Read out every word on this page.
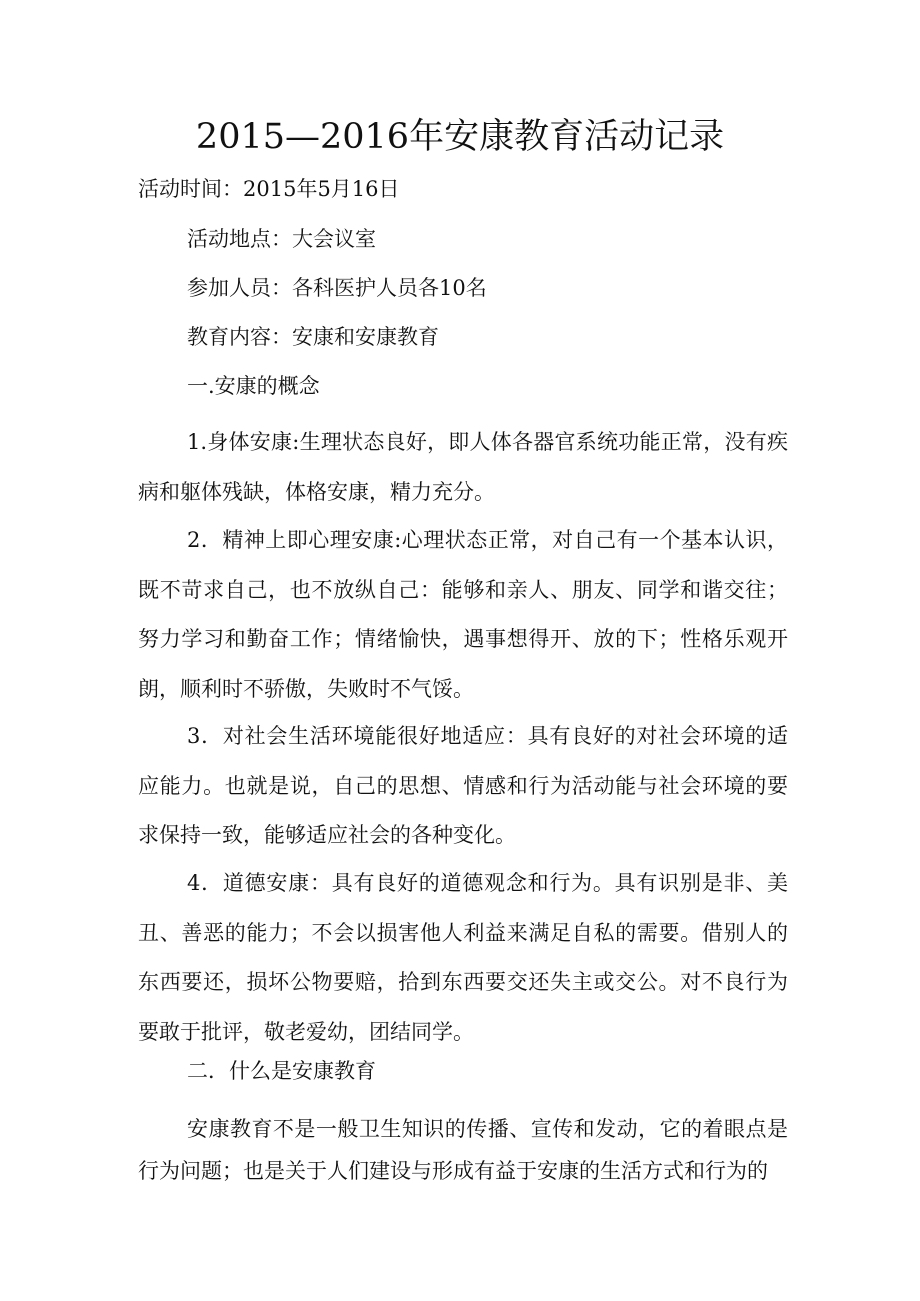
2015—2016年安康教育活动记录

活动时间：2015年5月16日

活动地点：大会议室

参加人员：各科医护人员各10名

教育内容：安康和安康教育

一.安康的概念

1.身体安康:生理状态良好，即人体各器官系统功能正常，没有疾病和躯体残缺，体格安康，精力充分。

2．精神上即心理安康:心理状态正常，对自己有一个基本认识，既不苛求自己，也不放纵自己：能够和亲人、朋友、同学和谐交往；努力学习和勤奋工作；情绪愉快，遇事想得开、放的下；性格乐观开朗，顺利时不骄傲，失败时不气馁。

3．对社会生活环境能很好地适应：具有良好的对社会环境的适应能力。也就是说，自己的思想、情感和行为活动能与社会环境的要求保持一致，能够适应社会的各种变化。

4．道德安康：具有良好的道德观念和行为。具有识别是非、美丑、善恶的能力；不会以损害他人利益来满足自私的需要。借别人的东西要还，损坏公物要赔，拾到东西要交还失主或交公。对不良行为要敢于批评，敬老爱幼，团结同学。

二．什么是安康教育

安康教育不是一般卫生知识的传播、宣传和发动，它的着眼点是行为问题；也是关于人们建设与形成有益于安康的生活方式和行为的
